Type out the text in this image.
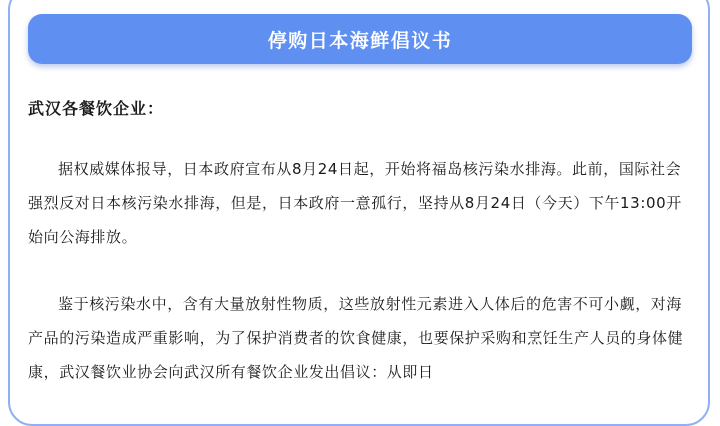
停购日本海鲜倡议书
武汉各餐饮企业：

据权威媒体报导，日本政府宣布从8月24日起，开始将福岛核污染水排海。此前，国际社会强烈反对日本核污染水排海，但是，日本政府一意孤行，坚持从8月24日（今天）下午13:00开始向公海排放。

鉴于核污染水中，含有大量放射性物质，这些放射性元素进入人体后的危害不可小觑，对海产品的污染造成严重影响，为了保护消费者的饮食健康，也要保护采购和烹饪生产人员的身体健康，武汉餐饮业协会向武汉所有餐饮企业发出倡议：从即日
